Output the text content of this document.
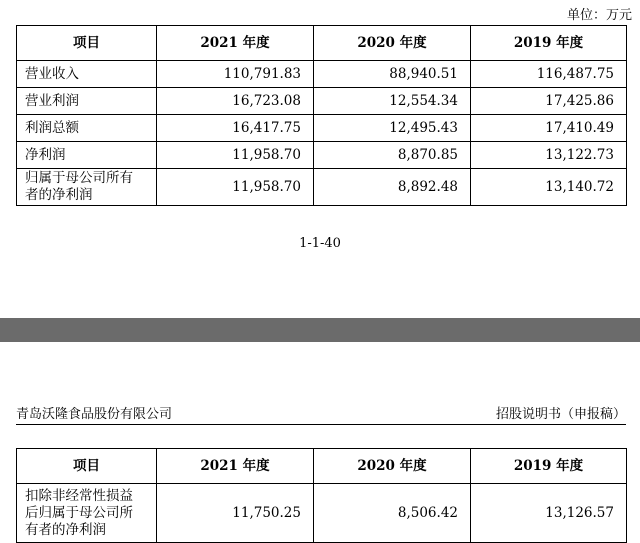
单位：万元
项目	2021 年度	2020 年度	2019 年度
营业收入	110,791.83	88,940.51	116,487.75
营业利润	16,723.08	12,554.34	17,425.86
利润总额	16,417.75	12,495.43	17,410.49
净利润	11,958.70	8,870.85	13,122.73
归属于母公司所有
者的净利润	11,958.70	8,892.48	13,140.72
1-1-40
青岛沃隆食品股份有限公司	招股说明书（申报稿）
项目	2021 年度	2020 年度	2019 年度
扣除非经常性损益
后归属于母公司所
有者的净利润	11,750.25	8,506.42	13,126.57
